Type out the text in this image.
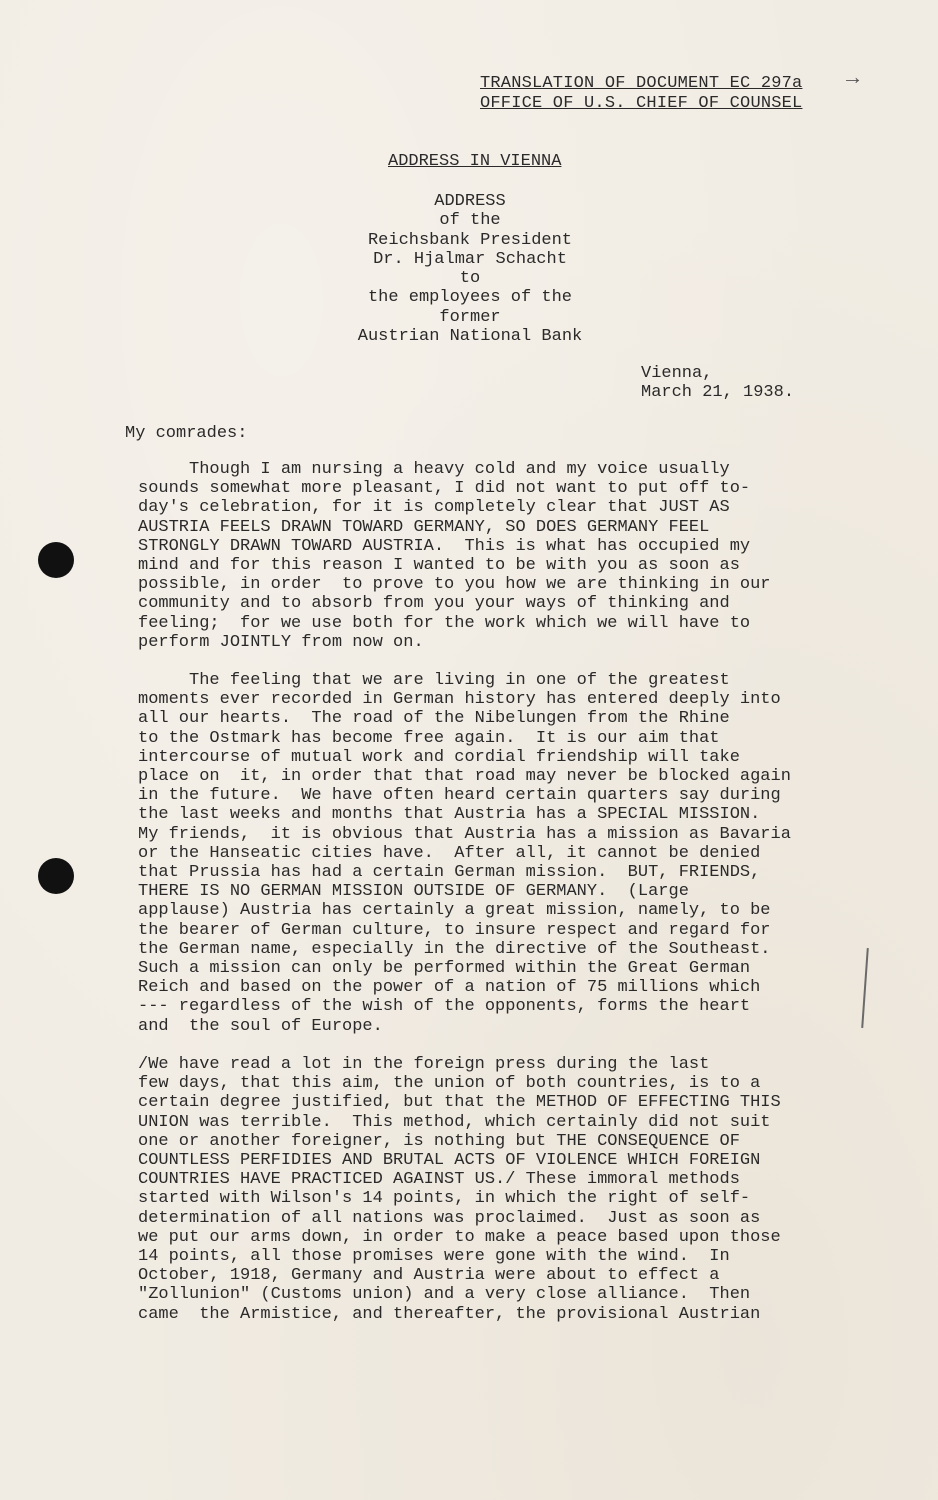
TRANSLATION OF DOCUMENT EC 297a
OFFICE OF U.S. CHIEF OF COUNSEL
→
ADDRESS IN VIENNA
ADDRESS
of the
Reichsbank President
Dr. Hjalmar Schacht
to
the employees of the
former
Austrian National Bank
Vienna,
March 21, 1938.
My comrades:
Though I am nursing a heavy cold and my voice usually
sounds somewhat more pleasant, I did not want to put off to-
day's celebration, for it is completely clear that JUST AS
AUSTRIA FEELS DRAWN TOWARD GERMANY, SO DOES GERMANY FEEL
STRONGLY DRAWN TOWARD AUSTRIA.  This is what has occupied my
mind and for this reason I wanted to be with you as soon as
possible, in order  to prove to you how we are thinking in our
community and to absorb from you your ways of thinking and
feeling;  for we use both for the work which we will have to
perform JOINTLY from now on.
The feeling that we are living in one of the greatest
moments ever recorded in German history has entered deeply into
all our hearts.  The road of the Nibelungen from the Rhine
to the Ostmark has become free again.  It is our aim that
intercourse of mutual work and cordial friendship will take
place on  it, in order that that road may never be blocked again
in the future.  We have often heard certain quarters say during
the last weeks and months that Austria has a SPECIAL MISSION.
My friends,  it is obvious that Austria has a mission as Bavaria
or the Hanseatic cities have.  After all, it cannot be denied
that Prussia has had a certain German mission.  BUT, FRIENDS,
THERE IS NO GERMAN MISSION OUTSIDE OF GERMANY.  (Large
applause) Austria has certainly a great mission, namely, to be
the bearer of German culture, to insure respect and regard for
the German name, especially in the directive of the Southeast.
Such a mission can only be performed within the Great German
Reich and based on the power of a nation of 75 millions which
--- regardless of the wish of the opponents, forms the heart
and  the soul of Europe.
/We have read a lot in the foreign press during the last
few days, that this aim, the union of both countries, is to a
certain degree justified, but that the METHOD OF EFFECTING THIS
UNION was terrible.  This method, which certainly did not suit
one or another foreigner, is nothing but THE CONSEQUENCE OF
COUNTLESS PERFIDIES AND BRUTAL ACTS OF VIOLENCE WHICH FOREIGN
COUNTRIES HAVE PRACTICED AGAINST US./ These immoral methods
started with Wilson's 14 points, in which the right of self-
determination of all nations was proclaimed.  Just as soon as
we put our arms down, in order to make a peace based upon those
14 points, all those promises were gone with the wind.  In
October, 1918, Germany and Austria were about to effect a
"Zollunion" (Customs union) and a very close alliance.  Then
came  the Armistice, and thereafter, the provisional Austrian
